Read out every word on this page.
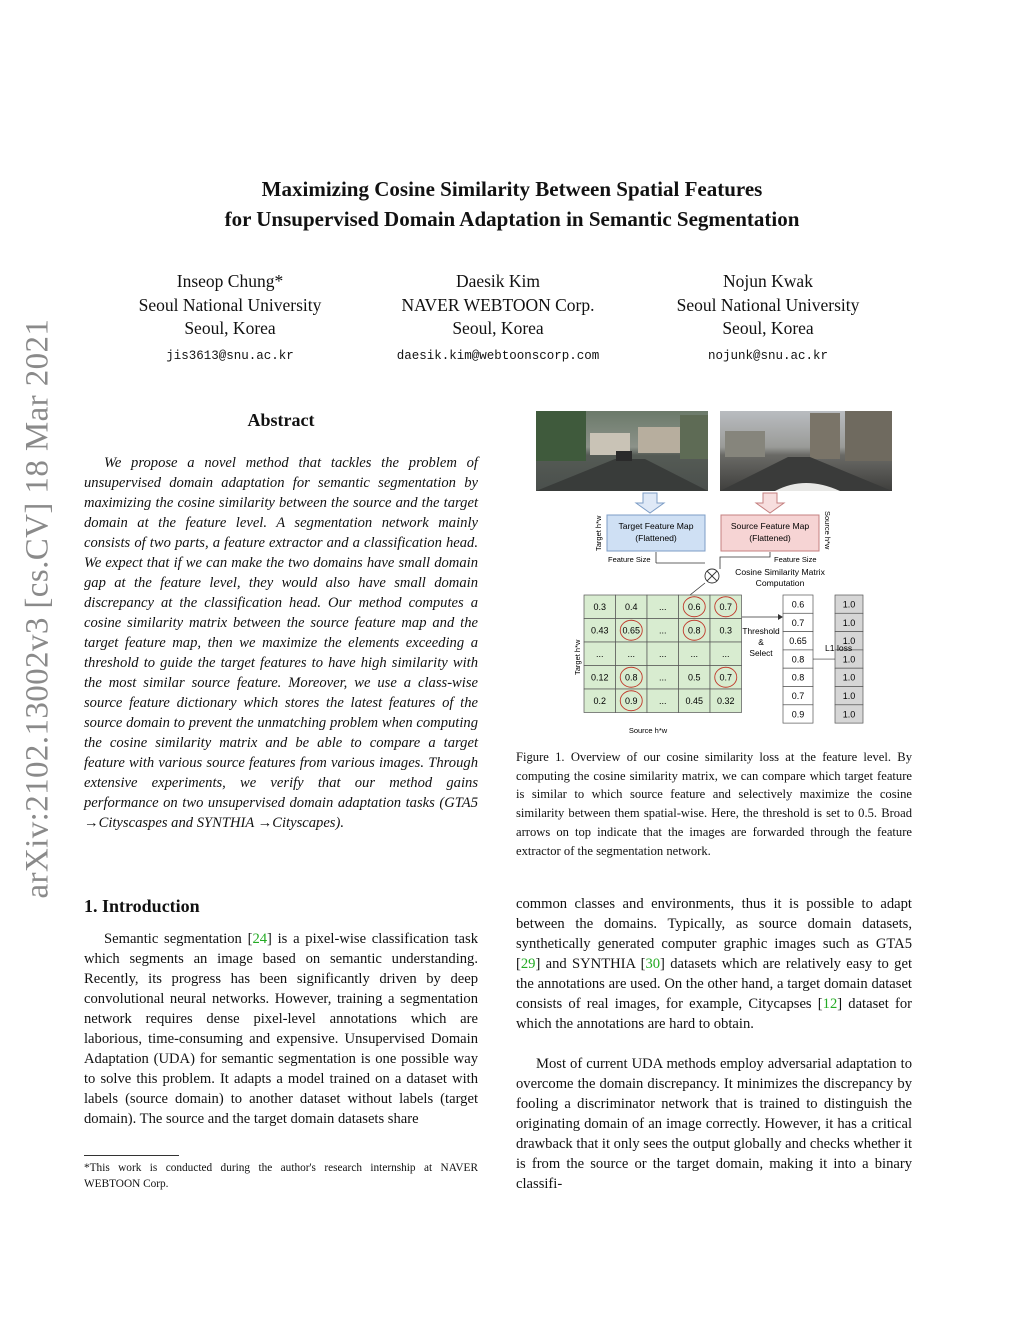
Maximizing Cosine Similarity Between Spatial Features
for Unsupervised Domain Adaptation in Semantic Segmentation
Inseop Chung*
Seoul National University
Seoul, Korea
jis3613@snu.ac.kr
Daesik Kim
NAVER WEBTOON Corp.
Seoul, Korea
daesik.kim@webtoonscorp.com
Nojun Kwak
Seoul National University
Seoul, Korea
nojunk@snu.ac.kr
arXiv:2102.13002v3 [cs.CV] 18 Mar 2021	Abstract

We propose a novel method that tackles the problem of unsupervised domain adaptation for semantic segmentation by maximizing the cosine similarity between the source and the target domain at the feature level. A segmentation network mainly consists of two parts, a feature extractor and a classification head. We expect that if we can make the two domains have small domain gap at the feature level, they would also have small domain discrepancy at the classification head. Our method computes a cosine similarity matrix between the source feature map and the target feature map, then we maximize the elements exceeding a threshold to guide the target features to have high similarity with the most similar source feature. Moreover, we use a class-wise source feature dictionary which stores the latest features of the source domain to prevent the unmatching problem when computing the cosine similarity matrix and be able to compare a target feature with various source features from various images. Through extensive experiments, we verify that our method gains performance on two unsupervised domain adaptation tasks (GTA5 →Cityscaspes and SYNTHIA →Cityscapes).

1. Introduction

Semantic segmentation [24] is a pixel-wise classification task which segments an image based on semantic understanding. Recently, its progress has been significantly driven by deep convolutional neural networks. However, training a segmentation network requires dense pixel-level annotations which are laborious, time-consuming and expensive. Unsupervised Domain Adaptation (UDA) for semantic segmentation is one possible way to solve this problem. It adapts a model trained on a dataset with labels (source domain) to another dataset without labels (target domain). The source and the target domain datasets share

*This work is conducted during the author's research internship at NAVER WEBTOON Corp.
Target Feature Map
(Flattened)
Source Feature Map
(Flattened)
Target h*w	Source h*w
Feature Size	Feature Size
Cosine Similarity Matrix
Computation
0.3 0.4 ... 0.6 0.7
0.43 0.65 ... 0.8 0.3
...	...	...	...	...
0.12 0.8 ... 0.5 0.7
0.2 0.9 ... 0.45 0.32
Target h*w
Source h*w
Threshold
&
Select
0.6
0.7
0.65
0.8
0.8
0.7
0.9
1.0
1.0
1.0
1.0
1.0
1.0
1.0
L1 loss

Figure 1. Overview of our cosine similarity loss at the feature level. By computing the cosine similarity matrix, we can compare which target feature is similar to which source feature and selectively maximize the cosine similarity between them spatial-wise. Here, the threshold is set to 0.5. Broad arrows on top indicate that the images are forwarded through the feature extractor of the segmentation network.

common classes and environments, thus it is possible to adapt between the domains. Typically, as source domain datasets, synthetically generated computer graphic images such as GTA5 [29] and SYNTHIA [30] datasets which are relatively easy to get the annotations are used. On the other hand, a target domain dataset consists of real images, for example, Citycapses [12] dataset for which the annotations are hard to obtain.

Most of current UDA methods employ adversarial adaptation to overcome the domain discrepancy. It minimizes the discrepancy by fooling a discriminator network that is trained to distinguish the originating domain of an image correctly. However, it has a critical drawback that it only sees the output globally and checks whether it is from the source or the target domain, making it into a binary classifi-
